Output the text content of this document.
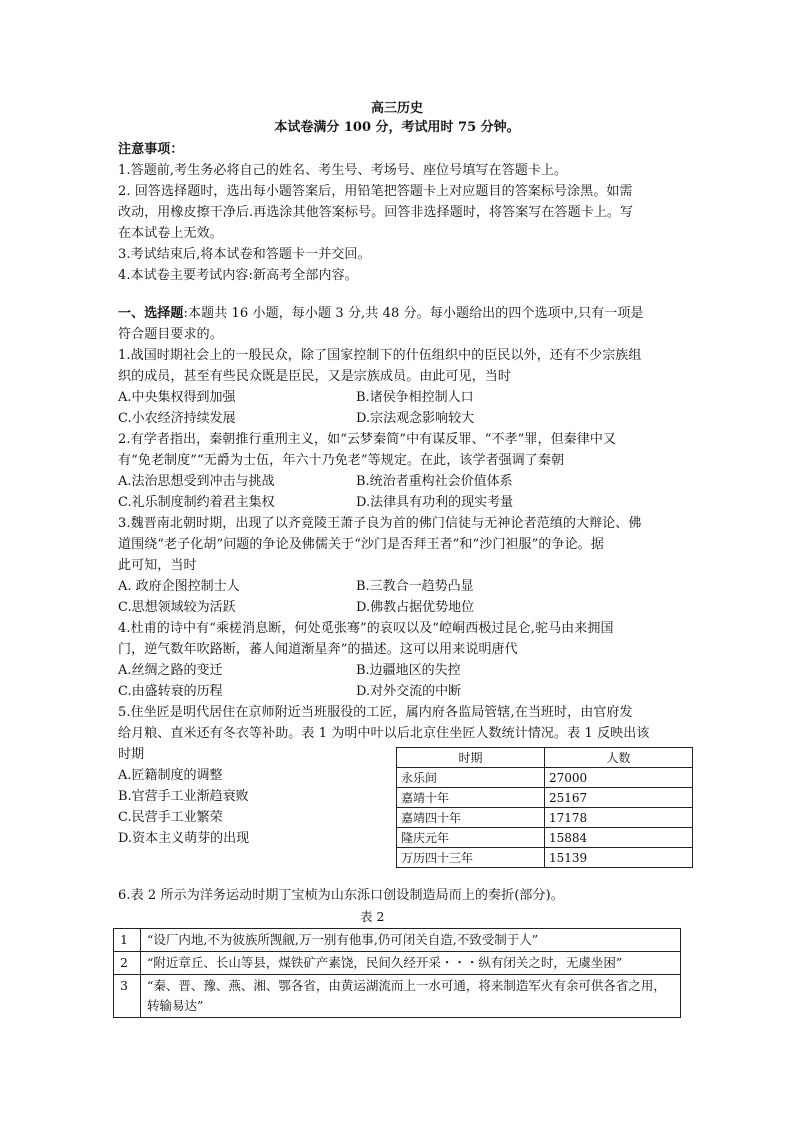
高三历史
本试卷满分 100 分，考试用时 75 分钟。
注意事项：
1.答题前,考生务必将自己的姓名、考生号、考场号、座位号填写在答题卡上。
2. 回答选择题时，选出每小题答案后，用铅笔把答题卡上对应题目的答案标号涂黑。如需
改动，用橡皮擦干净后.再选涂其他答案标号。回答非选择题时，将答案写在答题卡上。写
在本试卷上无效。
3.考试结束后,将本试卷和答题卡一并交回。
4.本试卷主要考试内容:新高考全部内容。
一、选择题:本题共 16 小题，每小题 3 分,共 48 分。每小题给出的四个选项中,只有一项是
符合题目要求的。
1.战国时期社会上的一般民众，除了国家控制下的什伍组织中的臣民以外，还有不少宗族组
织的成员，甚至有些民众既是臣民，又是宗族成员。由此可见，当时
A.中央集权得到加强	B.诸侯争相控制人口
C.小农经济持续发展	D.宗法观念影响较大
2.有学者指出，秦朝推行重刑主义，如“云梦秦简”中有谋反罪、“不孝”罪，但秦律中又
有“免老制度”“无爵为士伍，年六十乃免老”等规定。在此，该学者强调了秦朝
A.法治思想受到冲击与挑战	B.统治者重构社会价值体系
C.礼乐制度制约着君主集权	D.法律具有功利的现实考量
3.魏晋南北朝时期，出现了以齐竟陵王萧子良为首的佛门信徒与无神论者范缜的大辩论、佛
道围绕“老子化胡”问题的争论及佛儒关于“沙门是否拜王者”和“沙门袒服”的争论。据
此可知，当时
A. 政府企图控制士人	B.三教合一趋势凸显
C.思想领域较为活跃	D.佛教占据优势地位
4.杜甫的诗中有“乘槎消息断，何处觅张骞”的哀叹以及“崆峒西极过昆仑,驼马由来拥国
门，逆气数年吹路断，蕃人闻道渐星奔”的描述。这可以用来说明唐代
A.丝绸之路的变迁	B.边疆地区的失控
C.由盛转衰的历程	D.对外交流的中断
5.住坐匠是明代居住在京师附近当班服役的工匠，属内府各监局管辖,在当班时，由官府发
给月粮、直米还有冬衣等补助。表 1 为明中叶以后北京住坐匠人数统计情况。表 1 反映出该
时期
A.匠籍制度的调整
B.官营手工业渐趋衰败
C.民营手工业繁荣
D.资本主义萌芽的出现
时期	人数
永乐间	27000
嘉靖十年	25167
嘉靖四十年	17178
隆庆元年	15884
万历四十三年	15139
6.表 2 所示为洋务运动时期丁宝桢为山东泺口创设制造局而上的奏折(部分)。
表 2
1	“设厂内地,不为彼族所觊觎,万一别有他事,仍可闭关自造,不致受制于人”
2	“附近章丘、长山等县，煤铁矿产素饶，民间久经开采・・・纵有闭关之时，无虞坐困”
3	“秦、晋、豫、燕、湘、鄂各省，由黄运湖流而上一水可通，将来制造军火有余可供各省之用，转输易达”
